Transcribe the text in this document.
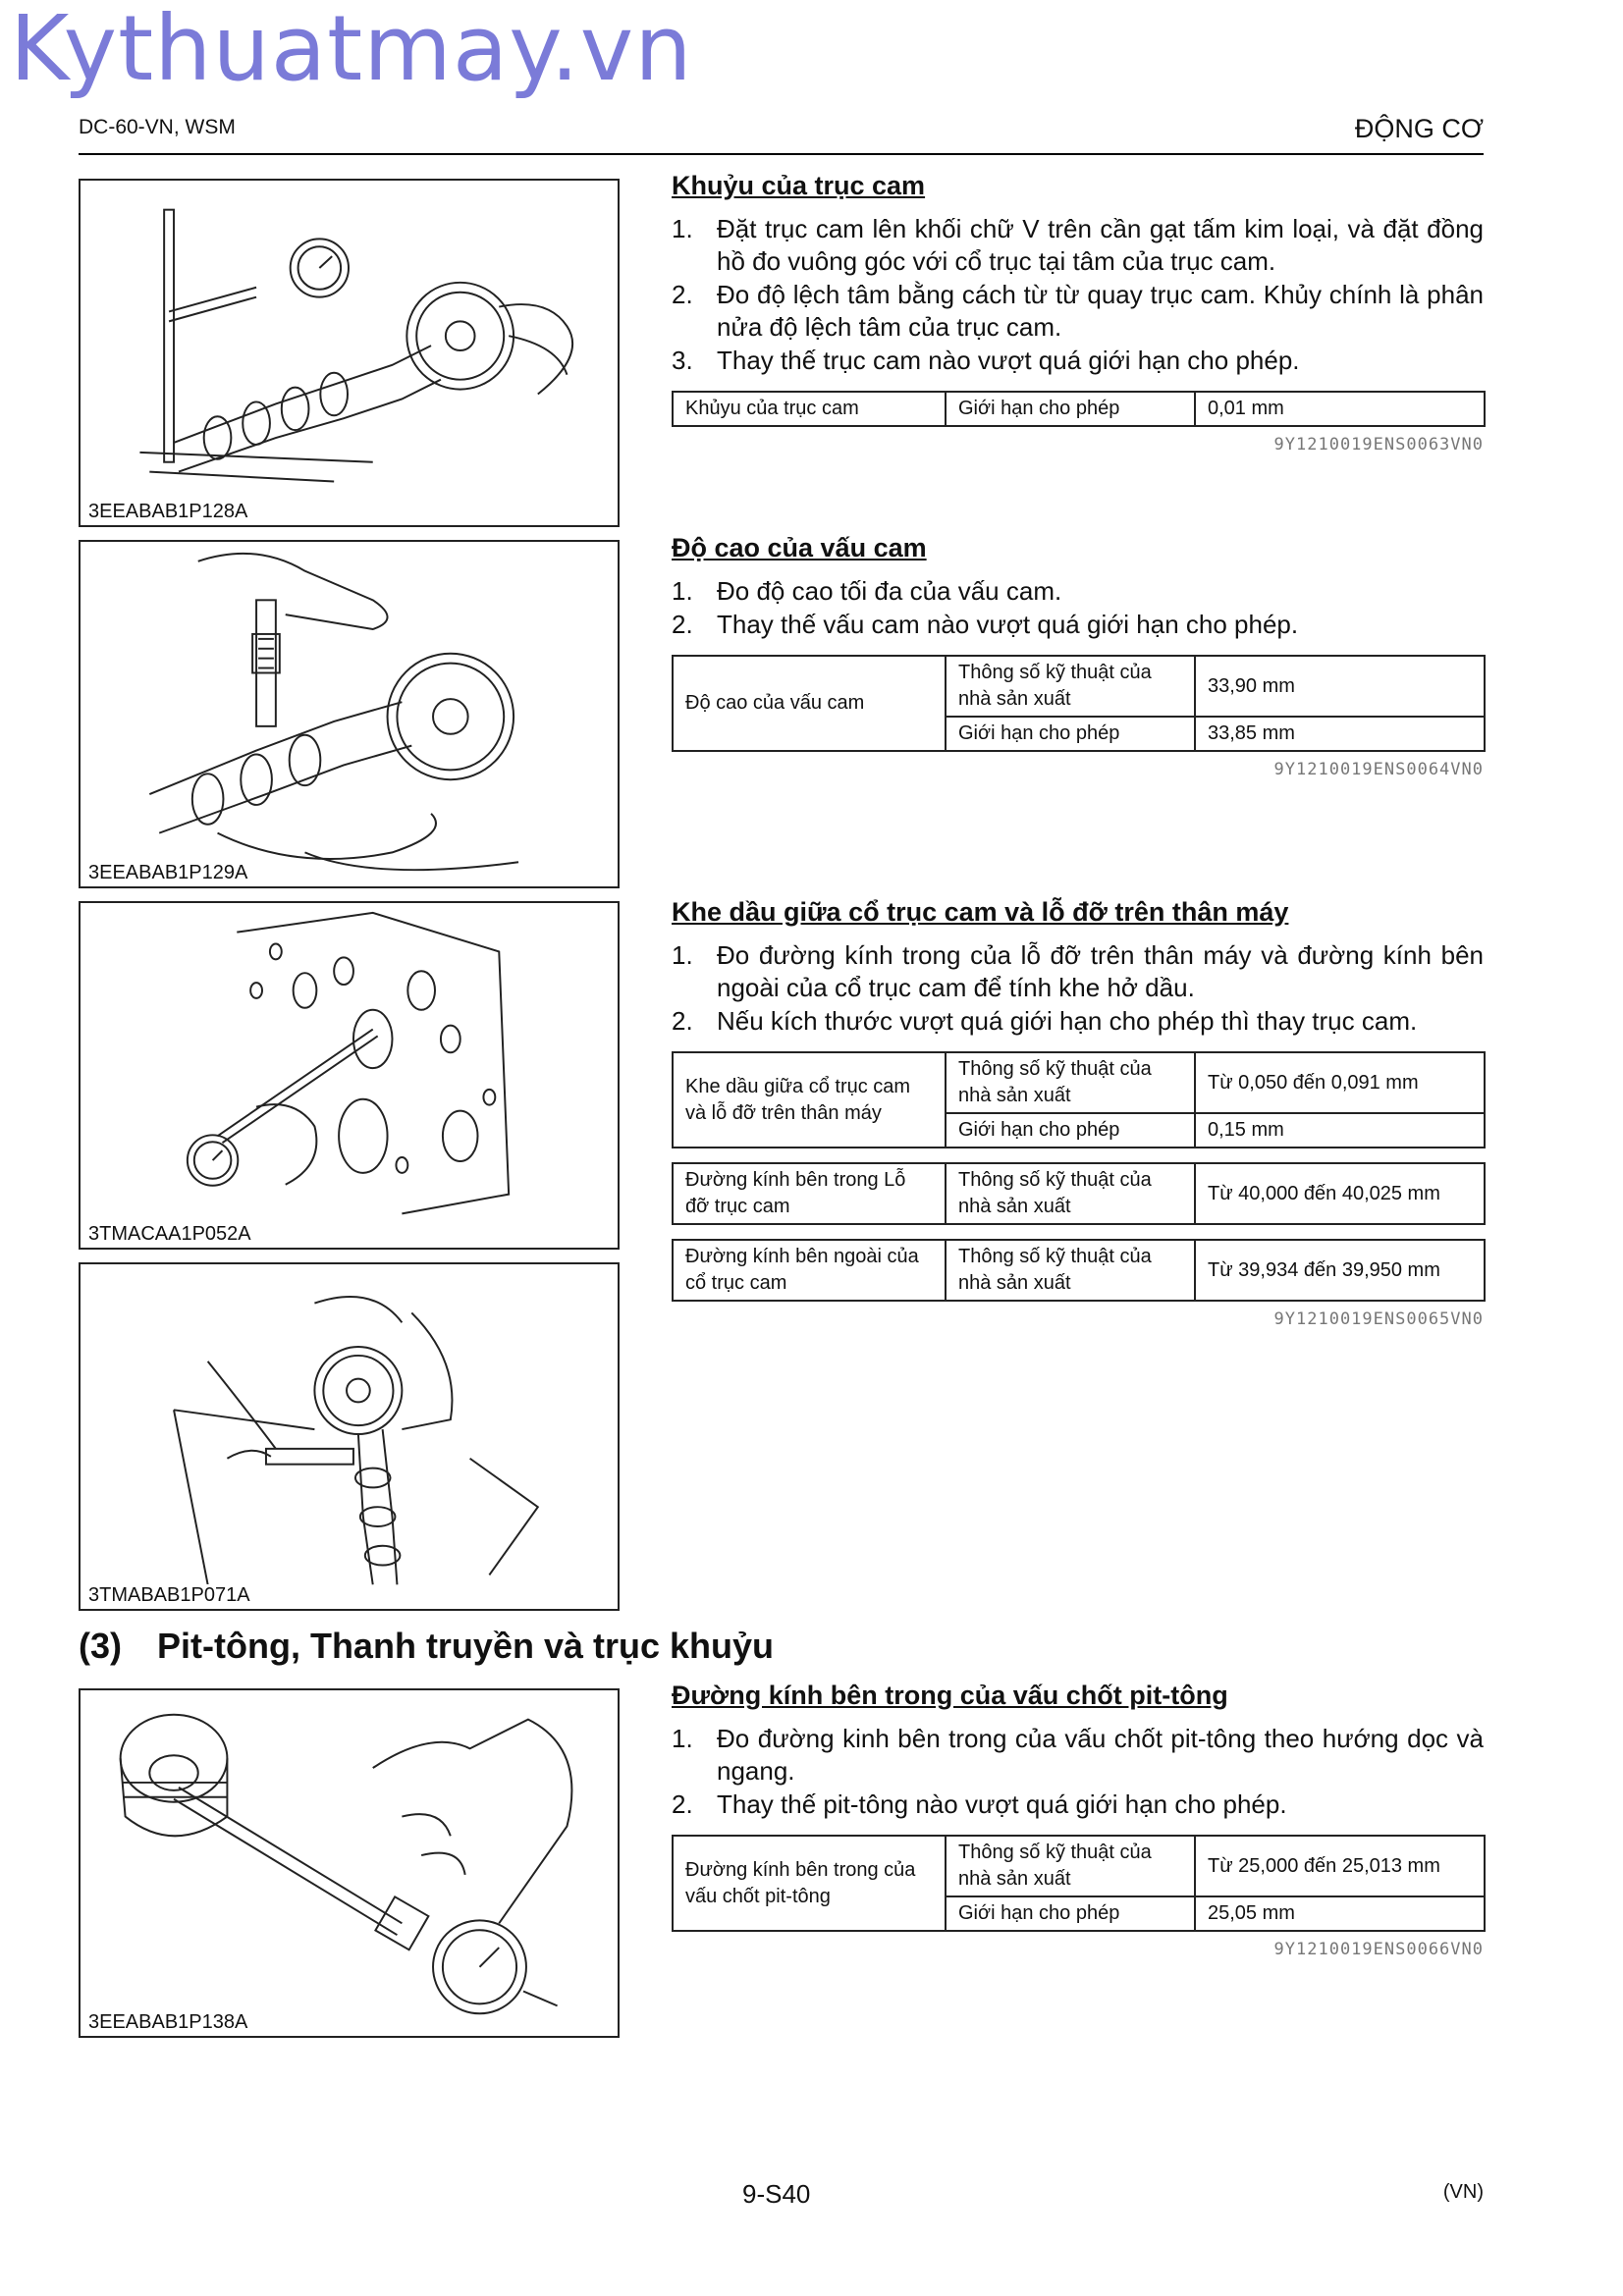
Kythuatmay.vn
DC-60-VN, WSM	ĐỘNG CƠ
3EEABAB1P128A
3EEABAB1P129A
3TMACAA1P052A
3TMABAB1P071A
3EEABAB1P138A
Khuỷu của trục cam
1. Đặt trục cam lên khối chữ V trên cần gạt tấm kim loại, và đặt đồng hồ đo vuông góc với cổ trục tại tâm của trục cam.
2. Đo độ lệch tâm bằng cách từ từ quay trục cam. Khủy chính là phân nửa độ lệch tâm của trục cam.
3. Thay thế trục cam nào vượt quá giới hạn cho phép.
Khủyu của trục cam	Giới hạn cho phép	0,01 mm
9Y1210019ENS0063VN0
Độ cao của vấu cam
1. Đo độ cao tối đa của vấu cam.
2. Thay thế vấu cam nào vượt quá giới hạn cho phép.
Độ cao của vấu cam	Thông số kỹ thuật của nhà sản xuất	33,90 mm
	Giới hạn cho phép	33,85 mm
9Y1210019ENS0064VN0
Khe dầu giữa cổ trục cam và lỗ đỡ trên thân máy
1. Đo đường kính trong của lỗ đỡ trên thân máy và đường kính bên ngoài của cổ trục cam để tính khe hở dầu.
2. Nếu kích thước vượt quá giới hạn cho phép thì thay trục cam.
Khe dầu giữa cổ trục cam và lỗ đỡ trên thân máy	Thông số kỹ thuật của nhà sản xuất	Từ 0,050 đến 0,091 mm
	Giới hạn cho phép	0,15 mm
Đường kính bên trong Lỗ đỡ trục cam	Thông số kỹ thuật của nhà sản xuất	Từ 40,000 đến 40,025 mm
Đường kính bên ngoài của cổ trục cam	Thông số kỹ thuật của nhà sản xuất	Từ 39,934 đến 39,950 mm
9Y1210019ENS0065VN0
(3) Pit-tông, Thanh truyền và trục khuỷu
Đường kính bên trong của vấu chốt pit-tông
1. Đo đường kinh bên trong của vấu chốt pit-tông theo hướng dọc và ngang.
2. Thay thế pit-tông nào vượt quá giới hạn cho phép.
Đường kính bên trong của vấu chốt pit-tông	Thông số kỹ thuật của nhà sản xuất	Từ 25,000 đến 25,013 mm
	Giới hạn cho phép	25,05 mm
9Y1210019ENS0066VN0
9-S40	(VN)
